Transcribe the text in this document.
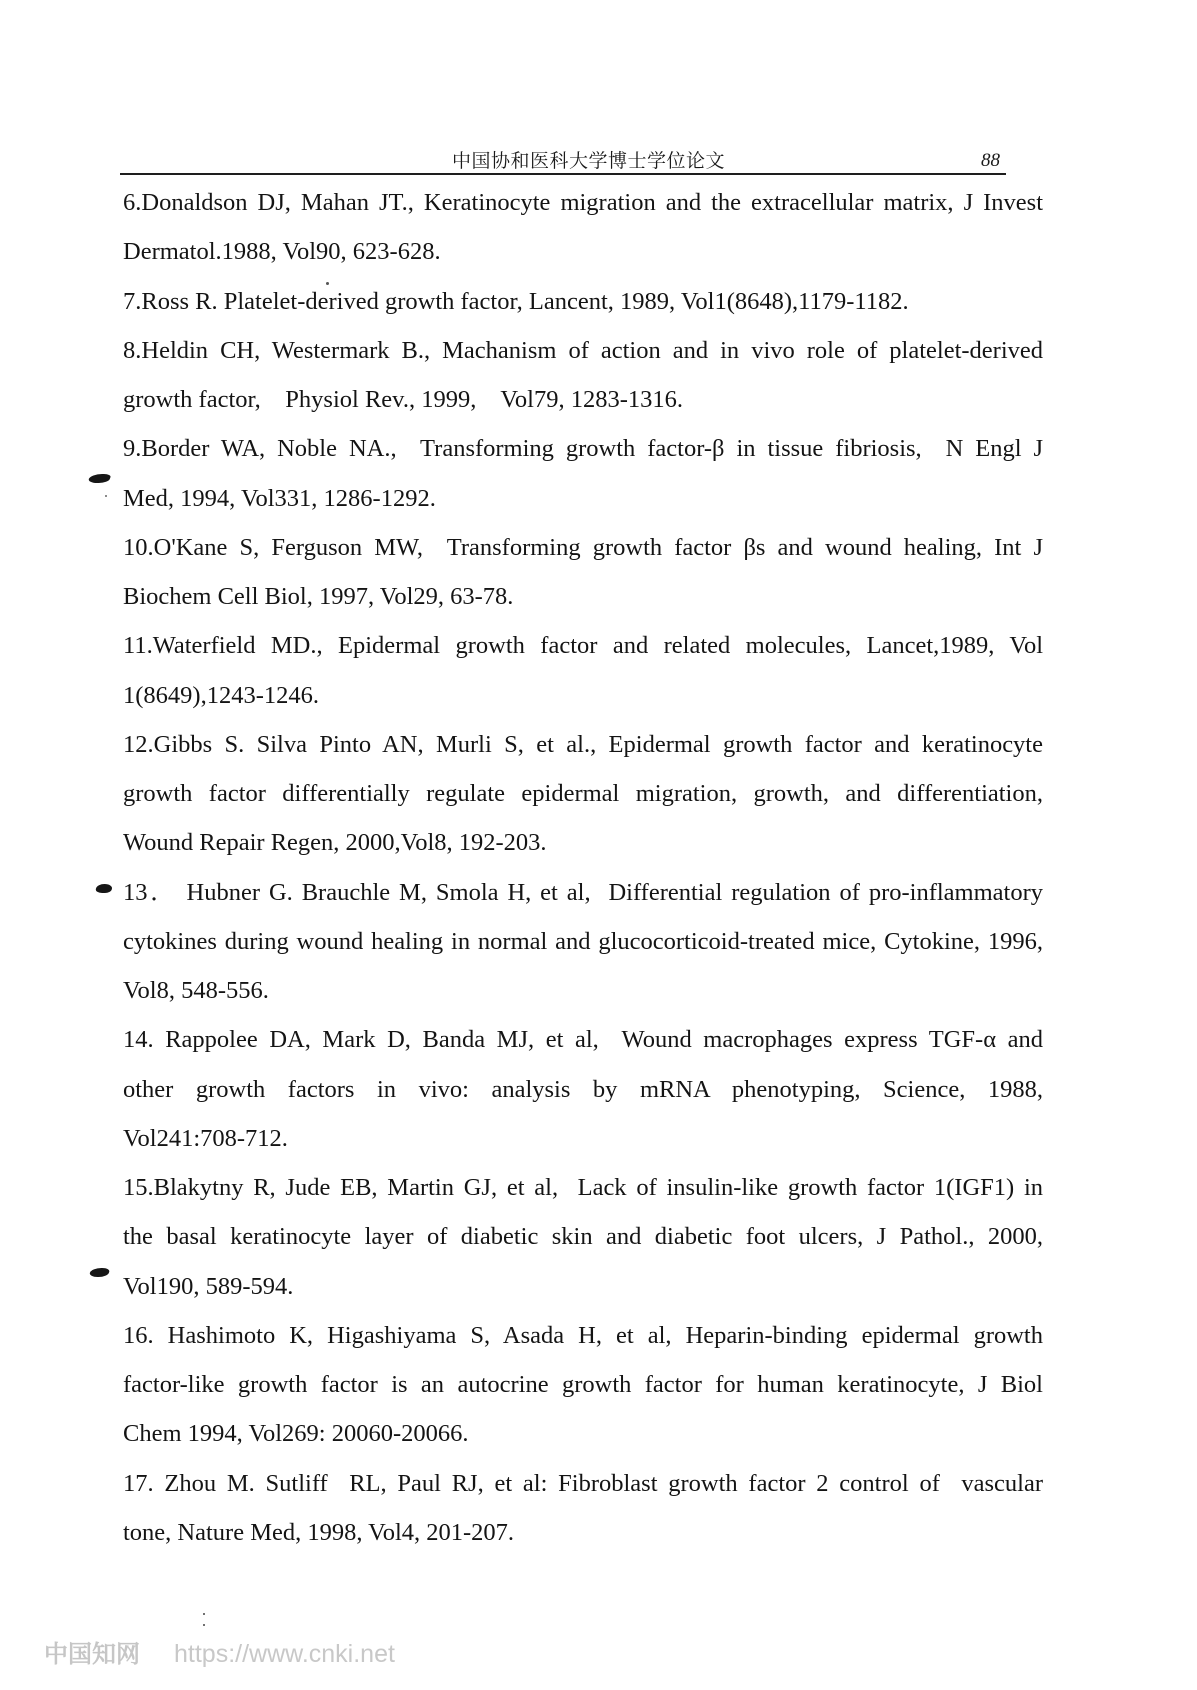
中国协和医科大学博士学位论文	88
6.Donaldson DJ, Mahan JT., Keratinocyte migration and the extracellular matrix, J Invest
Dermatol.1988, Vol90, 623-628.
7.Ross R. Platelet-derived growth factor, Lancent, 1989, Vol1(8648),1179-1182.
8.Heldin CH, Westermark B., Machanism of action and in vivo role of platelet-derived
growth factor,    Physiol Rev., 1999,    Vol79, 1283-1316.
9.Border WA, Noble NA.,  Transforming growth factor-β in tissue fibriosis,  N Engl J
Med, 1994, Vol331, 1286-1292.
10.O'Kane S, Ferguson MW,  Transforming growth factor βs and wound healing, Int J
Biochem Cell Biol, 1997, Vol29, 63-78.
11.Waterfield MD., Epidermal growth factor and related molecules, Lancet,1989, Vol
1(8649),1243-1246.
12.Gibbs S. Silva Pinto AN, Murli S, et al., Epidermal growth factor and keratinocyte
growth factor differentially regulate epidermal migration, growth, and differentiation,
Wound Repair Regen, 2000,Vol8, 192-203.
13． Hubner G. Brauchle M, Smola H, et al,  Differential regulation of pro-inflammatory
cytokines during wound healing in normal and glucocorticoid-treated mice, Cytokine, 1996,
Vol8, 548-556.
14. Rappolee DA, Mark D, Banda MJ, et al,  Wound macrophages express TGF-α and
other growth factors in vivo: analysis by mRNA phenotyping, Science, 1988,
Vol241:708-712.
15.Blakytny R, Jude EB, Martin GJ, et al,  Lack of insulin-like growth factor 1(IGF1) in
the basal keratinocyte layer of diabetic skin and diabetic foot ulcers, J Pathol., 2000,
Vol190, 589-594.
16. Hashimoto K, Higashiyama S, Asada H, et al, Heparin-binding epidermal growth
factor-like growth factor is an autocrine growth factor for human keratinocyte, J Biol
Chem 1994, Vol269: 20060-20066.
17. Zhou M. Sutliff  RL, Paul RJ, et al: Fibroblast growth factor 2 control of  vascular
tone, Nature Med, 1998, Vol4, 201-207.
中国知网 https://www.cnki.net
